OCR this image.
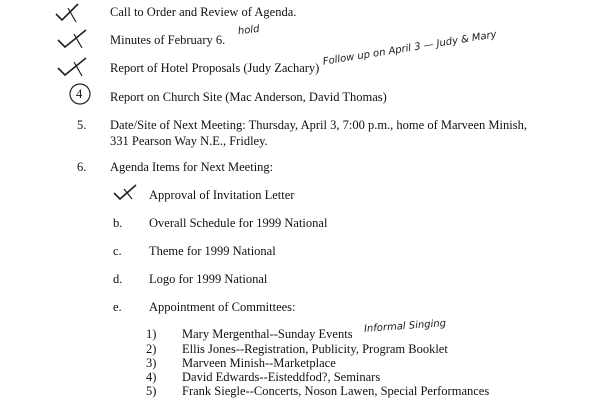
Call to Order and Review of Agenda.
Minutes of February 6.
hold
Report of Hotel Proposals (Judy Zachary)
Follow up on April 3 — Judy & Mary
4 Report on Church Site (Mac Anderson, David Thomas)
5. Date/Site of Next Meeting: Thursday, April 3, 7:00 p.m., home of Marveen Minish,
331 Pearson Way N.E., Fridley.
6. Agenda Items for Next Meeting:
Approval of Invitation Letter
b. Overall Schedule for 1999 National
c. Theme for 1999 National
d. Logo for 1999 National
e. Appointment of Committees:
1) Mary Mergenthal--Sunday Events Informal Singing
2) Ellis Jones--Registration, Publicity, Program Booklet
3) Marveen Minish--Marketplace
4) David Edwards--Eisteddfod?, Seminars
5) Frank Siegle--Concerts, Noson Lawen, Special Performances
